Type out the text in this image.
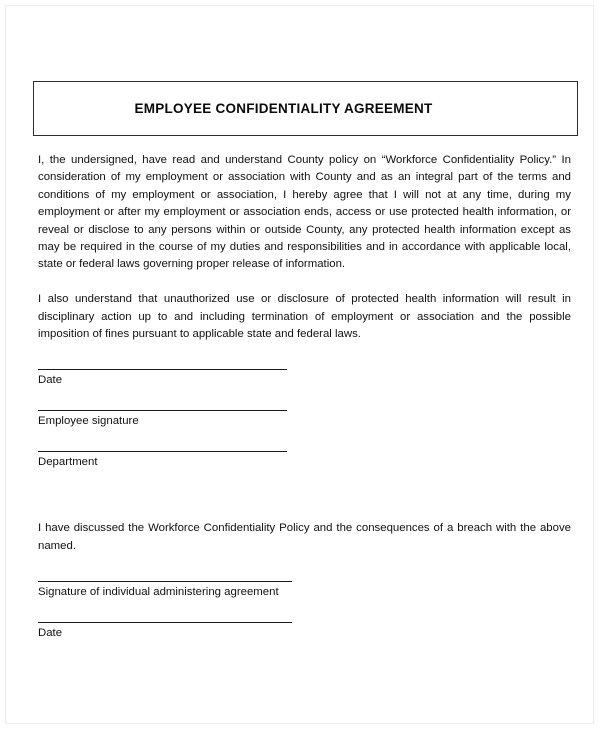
EMPLOYEE CONFIDENTIALITY AGREEMENT

I, the undersigned, have read and understand County policy on “Workforce Confidentiality Policy.” In consideration of my employment or association with County and as an integral part of the terms and conditions of my employment or association, I hereby agree that I will not at any time, during my employment or after my employment or association ends, access or use protected health information, or reveal or disclose to any persons within or outside County, any protected health information except as may be required in the course of my duties and responsibilities and in accordance with applicable local, state or federal laws governing proper release of information.

I also understand that unauthorized use or disclosure of protected health information will result in disciplinary action up to and including termination of employment or association and the possible imposition of fines pursuant to applicable state and federal laws.

Date
Employee signature
Department

I have discussed the Workforce Confidentiality Policy and the consequences of a breach with the above named.

Signature of individual administering agreement
Date
